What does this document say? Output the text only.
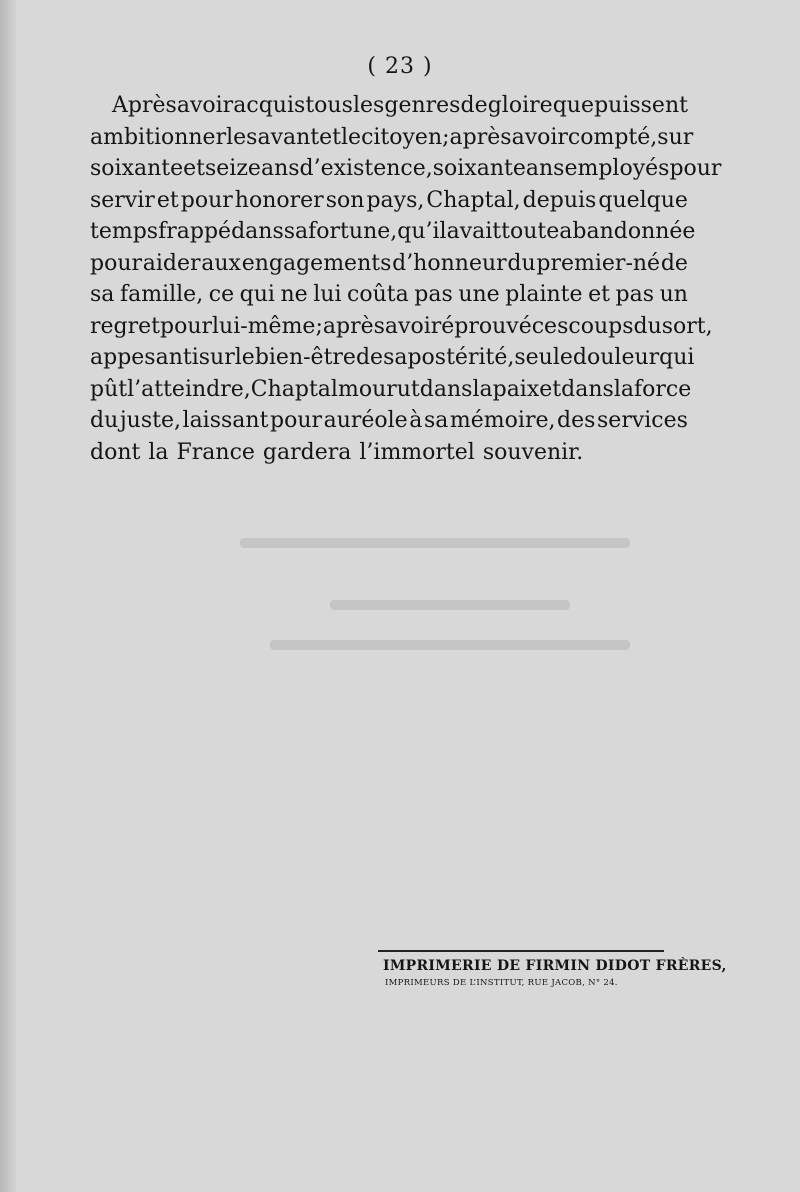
( 23 )
Après avoir acquis tous les genres de gloire que puissent
ambitionner le savant et le citoyen; après avoir compté, sur
soixante et seize ans d’existence, soixante ans employés pour
servir et pour honorer son pays, Chaptal, depuis quelque
temps frappé dans sa fortune, qu’il avait toute abandonnée
pour aider aux engagements d’honneur du premier-né de
sa famille, ce qui ne lui coûta pas une plainte et pas un
regret pour lui-même; après avoir éprouvé ces coups du sort,
appesanti sur le bien-être de sa postérité, seule douleur qui
pût l’atteindre, Chaptal mourut dans la paix et dans la force
du juste, laissant pour auréole à sa mémoire, des services
dont la France gardera l’immortel souvenir.
IMPRIMERIE DE FIRMIN DIDOT FRÈRES,
IMPRIMEURS DE L’INSTITUT, RUE JACOB, N° 24.
